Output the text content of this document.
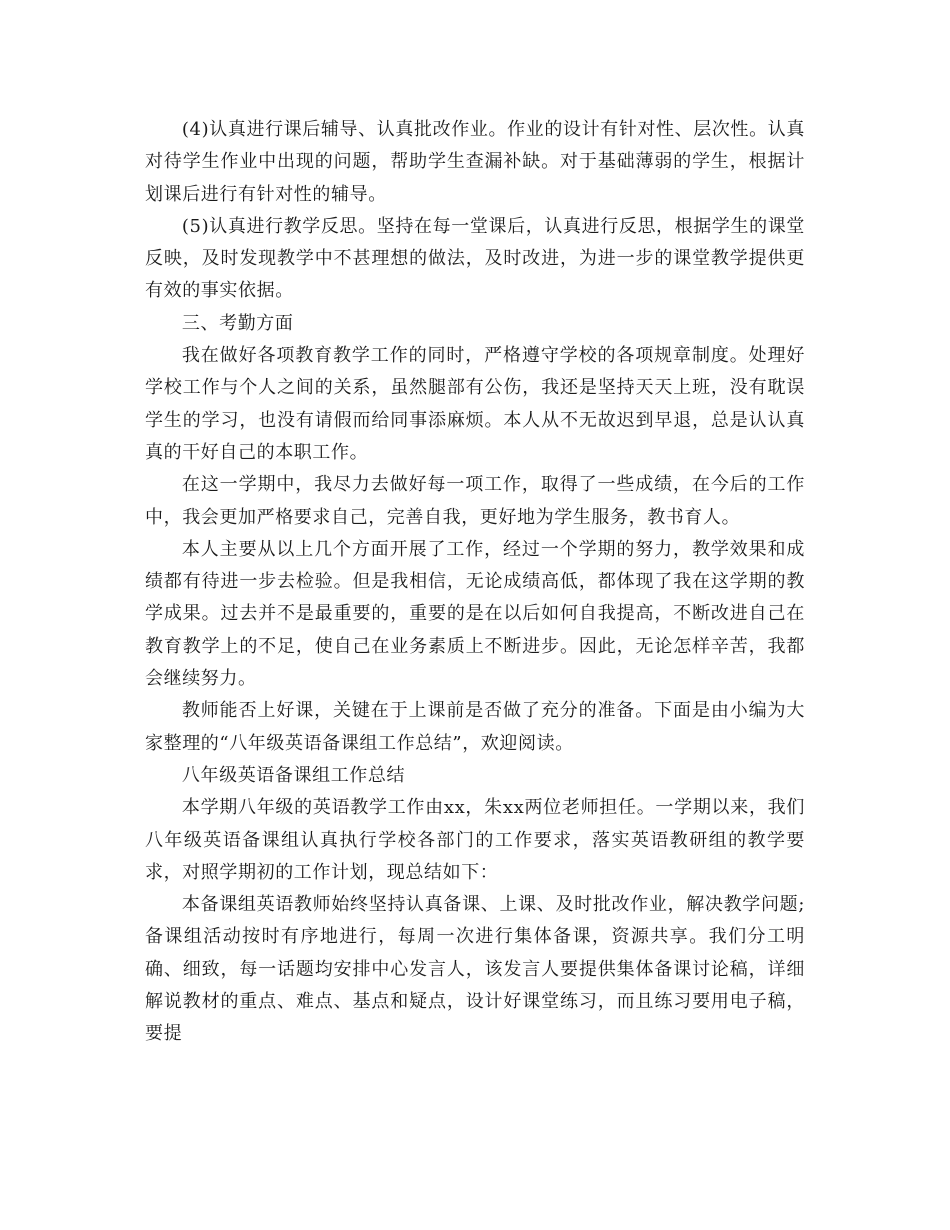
(4)认真进行课后辅导、认真批改作业。作业的设计有针对性、层次性。认真对待学生作业中出现的问题，帮助学生查漏补缺。对于基础薄弱的学生，根据计划课后进行有针对性的辅导。

(5)认真进行教学反思。坚持在每一堂课后，认真进行反思，根据学生的课堂反映，及时发现教学中不甚理想的做法，及时改进，为进一步的课堂教学提供更有效的事实依据。

三、考勤方面

我在做好各项教育教学工作的同时，严格遵守学校的各项规章制度。处理好学校工作与个人之间的关系，虽然腿部有公伤，我还是坚持天天上班，没有耽误学生的学习，也没有请假而给同事添麻烦。本人从不无故迟到早退，总是认认真真的干好自己的本职工作。

在这一学期中，我尽力去做好每一项工作，取得了一些成绩，在今后的工作中，我会更加严格要求自己，完善自我，更好地为学生服务，教书育人。

本人主要从以上几个方面开展了工作，经过一个学期的努力，教学效果和成绩都有待进一步去检验。但是我相信，无论成绩高低，都体现了我在这学期的教学成果。过去并不是最重要的，重要的是在以后如何自我提高，不断改进自己在教育教学上的不足，使自己在业务素质上不断进步。因此，无论怎样辛苦，我都会继续努力。

教师能否上好课，关键在于上课前是否做了充分的准备。下面是由小编为大家整理的“八年级英语备课组工作总结”，欢迎阅读。

八年级英语备课组工作总结

本学期八年级的英语教学工作由xx，朱xx两位老师担任。一学期以来，我们八年级英语备课组认真执行学校各部门的工作要求，落实英语教研组的教学要求，对照学期初的工作计划，现总结如下：

本备课组英语教师始终坚持认真备课、上课、及时批改作业，解决教学问题;备课组活动按时有序地进行，每周一次进行集体备课，资源共享。我们分工明确、细致，每一话题均安排中心发言人，该发言人要提供集体备课讨论稿，详细解说教材的重点、难点、基点和疑点，设计好课堂练习，而且练习要用电子稿，要提
